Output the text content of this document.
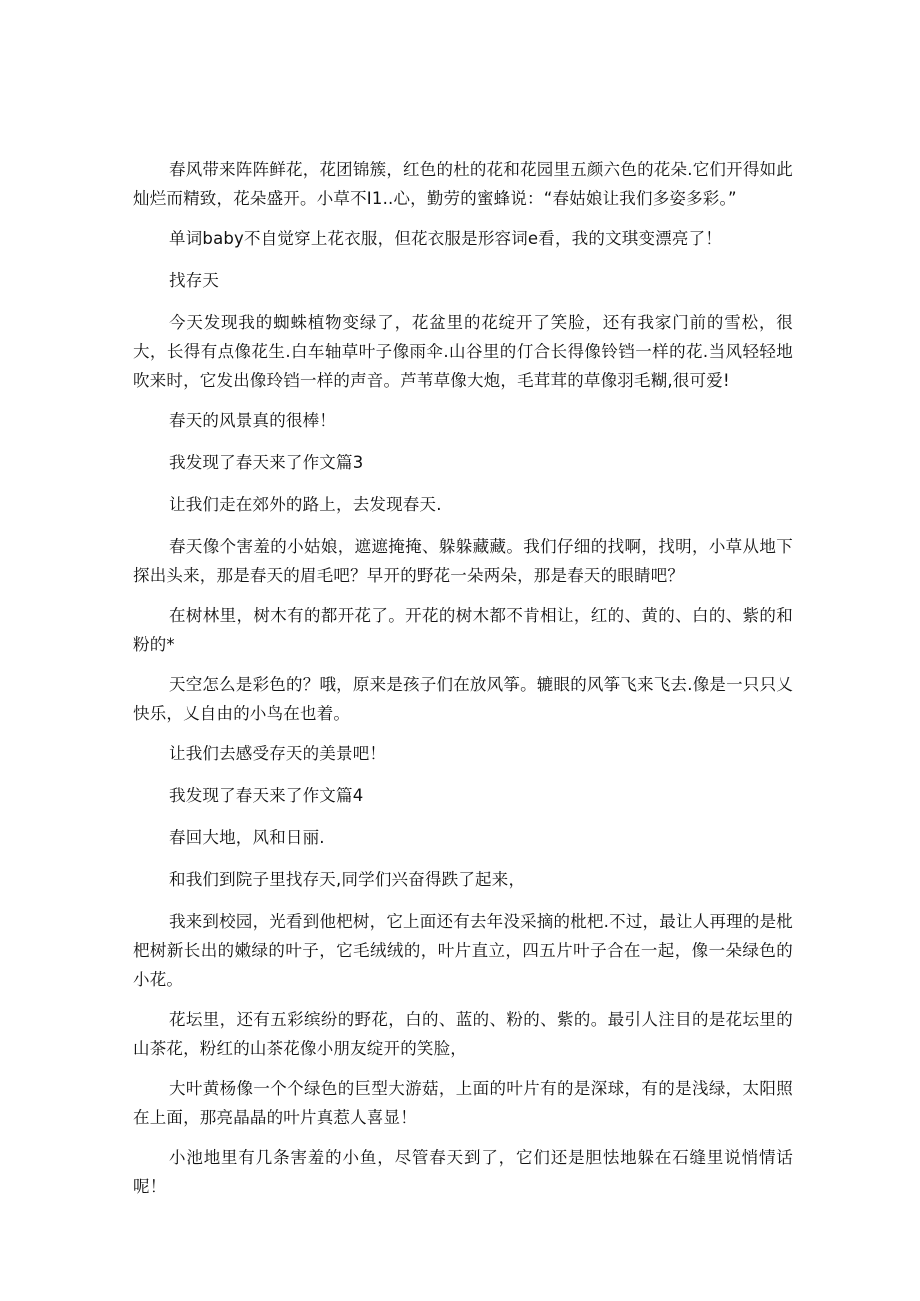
春风带来阵阵鲜花，花团锦簇，红色的杜的花和花园里五颜六色的花朵.它们开得如此灿烂而精致，花朵盛开。小草不I1..心，勤劳的蜜蜂说：“春姑娘让我们多姿多彩。”

单词baby不自觉穿上花衣服，但花衣服是形容词e看，我的文琪变漂亮了！

找存天

今天发现我的蜘蛛植物变绿了，花盆里的花绽开了笑脸，还有我家门前的雪松，很大，长得有点像花生.白车轴草叶子像雨伞.山谷里的仃合长得像铃铛一样的花.当风轻轻地吹来时，它发出像玲铛一样的声音。芦苇草像大炮，毛茸茸的草像羽毛糊,很可爱!

春天的风景真的很棒！

我发现了春天来了作文篇3

让我们走在郊外的路上，去发现春天.

春天像个害羞的小姑娘，遮遮掩掩、躲躲藏藏。我们仔细的找啊，找明，小草从地下探出头来，那是春天的眉毛吧？早开的野花一朵两朵，那是春天的眼睛吧？

在树林里，树木有的都开花了。开花的树木都不肯相让，红的、黄的、白的、紫的和粉的*

天空怎么是彩色的？哦，原来是孩子们在放风筝。辘眼的风筝飞来飞去.像是一只只乂快乐，乂自由的小鸟在也着。

让我们去感受存天的美景吧！

我发现了春天来了作文篇4

春回大地，风和日丽.

和我们到院子里找存天,同学们兴奋得跌了起来，

我来到校园，光看到他杷树，它上面还有去年没采摘的枇杷.不过，最让人再理的是枇杷树新长出的嫩绿的叶子，它毛绒绒的，叶片直立，四五片叶子合在一起，像一朵绿色的小花。

花坛里，还有五彩缤纷的野花，白的、蓝的、粉的、紫的。最引人注目的是花坛里的山茶花，粉红的山茶花像小朋友绽开的笑脸，

大叶黄杨像一个个绿色的巨型大游菇，上面的叶片有的是深球，有的是浅绿，太阳照在上面，那亮晶晶的叶片真惹人喜显！

小池地里有几条害羞的小鱼，尽管春天到了，它们还是胆怯地躲在石缝里说悄情话呢！
